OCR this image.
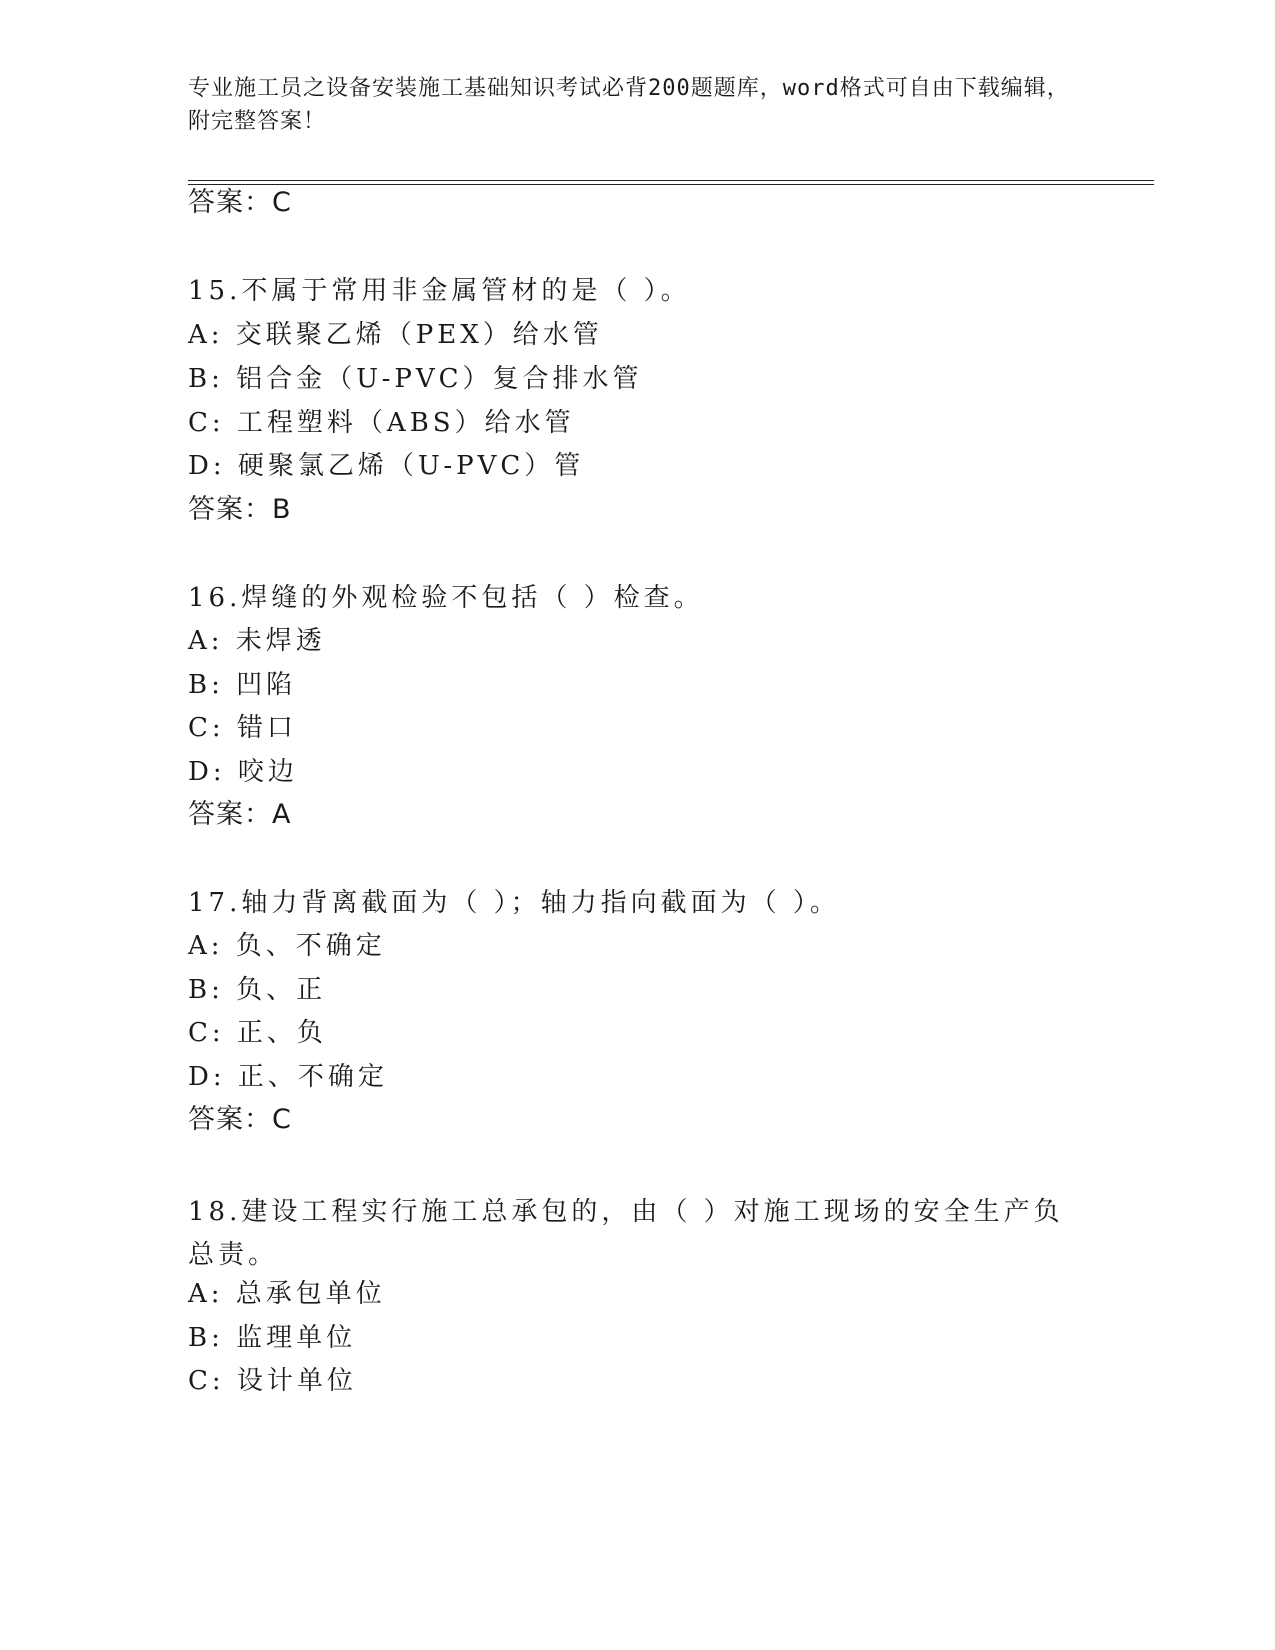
专业施工员之设备安装施工基础知识考试必背200题题库，word格式可自由下载编辑，附完整答案！
答案：C
15.不属于常用非金属管材的是（ ）。
A: 交联聚乙烯（PEX）给水管
B: 铝合金（U-PVC）复合排水管
C: 工程塑料（ABS）给水管
D: 硬聚氯乙烯（U-PVC）管
答案：B
16.焊缝的外观检验不包括（ ）检查。
A: 未焊透
B: 凹陷
C: 错口
D: 咬边
答案：A
17.轴力背离截面为（ ）；轴力指向截面为（ ）。
A: 负、不确定
B: 负、正
C: 正、负
D: 正、不确定
答案：C
18.建设工程实行施工总承包的，由（ ）对施工现场的安全生产负总责。
A: 总承包单位
B: 监理单位
C: 设计单位
